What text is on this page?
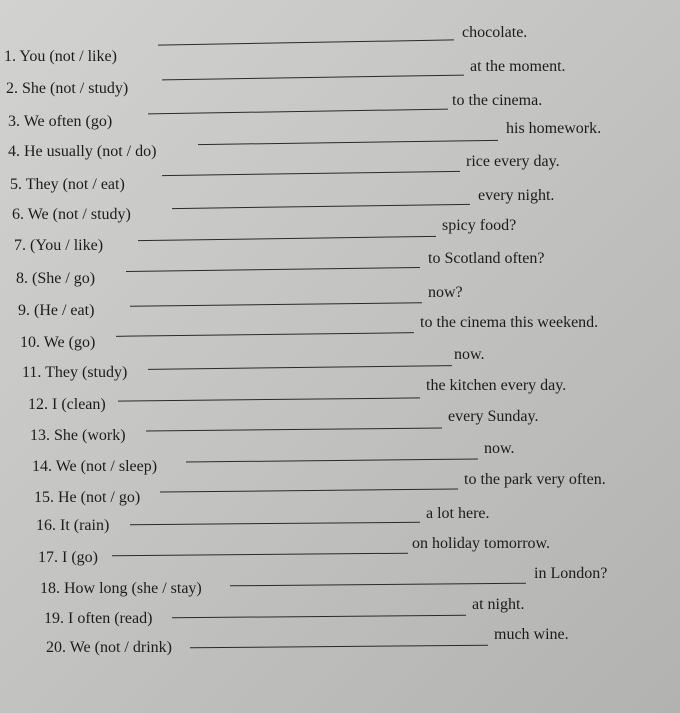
1. You (not / like)
chocolate.
2. She (not / study)
at the moment.
3. We often (go)
to the cinema.
4. He usually (not / do)
his homework.
5. They (not / eat)
rice every day.
6. We (not / study)
every night.
7. (You / like)
spicy food?
8. (She / go)
to Scotland often?
9. (He / eat)
now?
10. We (go)
to the cinema this weekend.
11. They (study)
now.
12. I (clean)
the kitchen every day.
13. She (work)
every Sunday.
14. We (not / sleep)
now.
15. He (not / go)
to the park very often.
16. It (rain)
a lot here.
17. I (go)
on holiday tomorrow.
18. How long (she / stay)
in London?
19. I often (read)
at night.
20. We (not / drink)
much wine.
